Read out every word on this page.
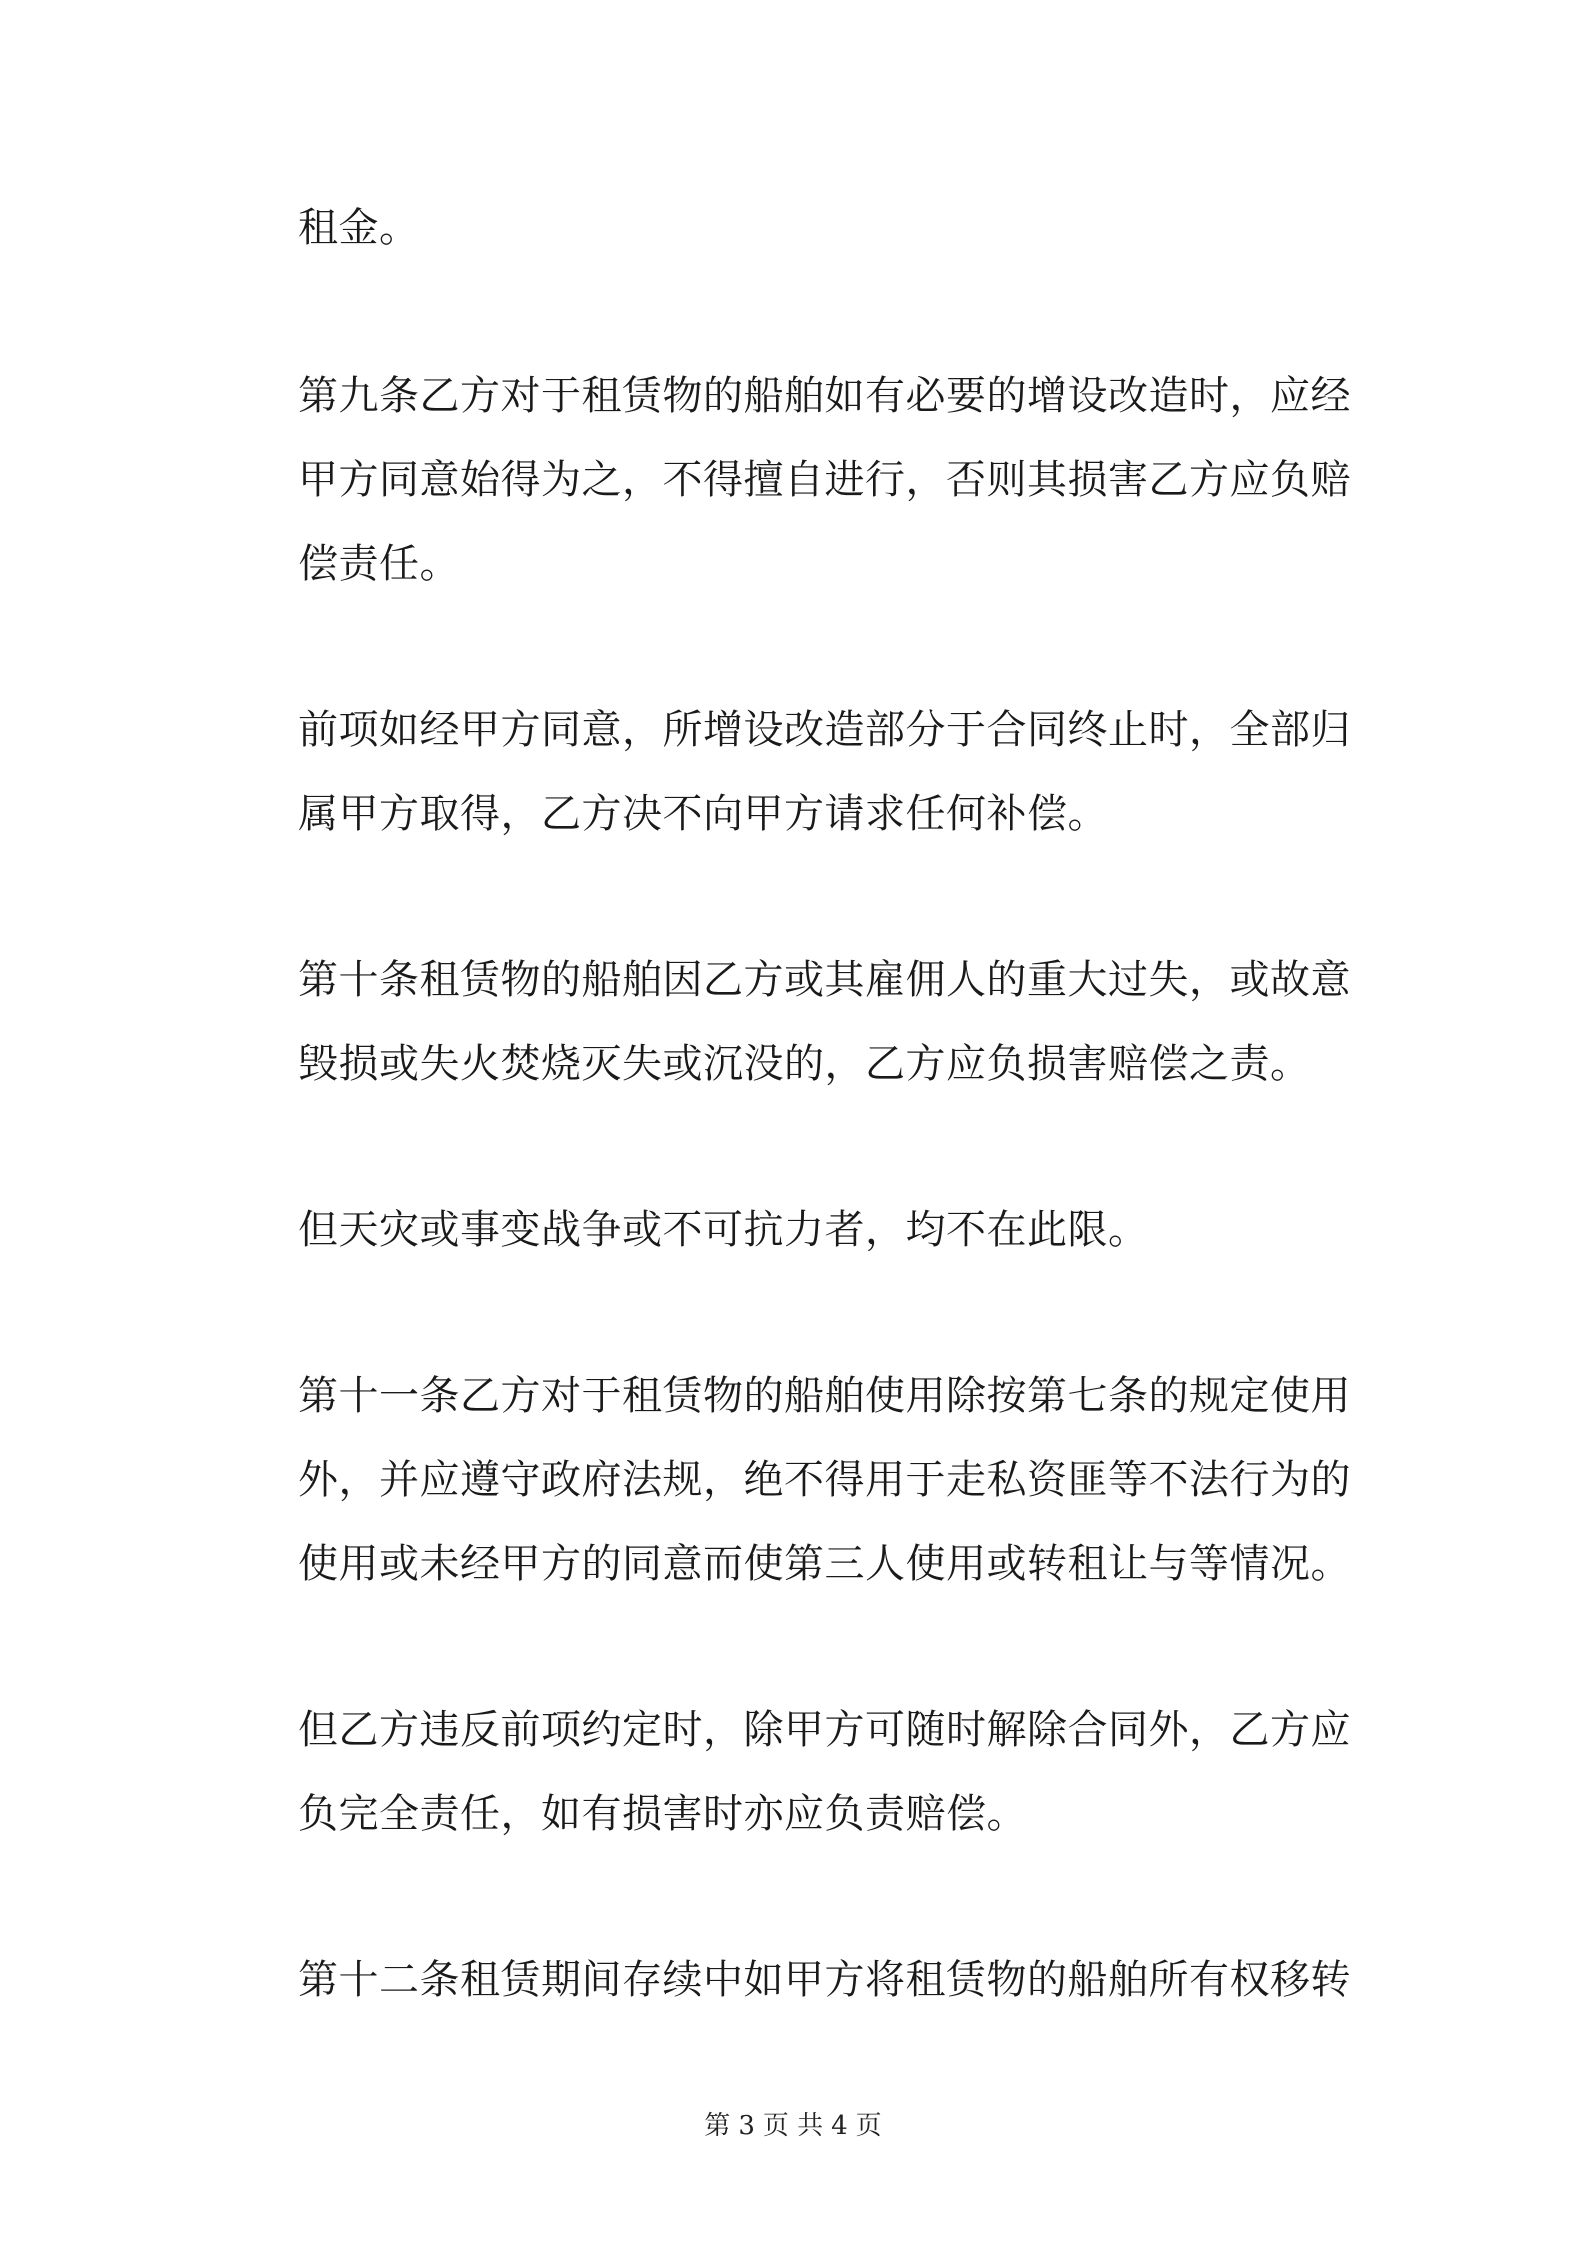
租金。
第九条乙方对于租赁物的船舶如有必要的增设改造时，应经
甲方同意始得为之，不得擅自进行，否则其损害乙方应负赔
偿责任。
前项如经甲方同意，所增设改造部分于合同终止时，全部归
属甲方取得，乙方决不向甲方请求任何补偿。
第十条租赁物的船舶因乙方或其雇佣人的重大过失，或故意
毁损或失火焚烧灭失或沉没的，乙方应负损害赔偿之责。
但天灾或事变战争或不可抗力者，均不在此限。
第十一条乙方对于租赁物的船舶使用除按第七条的规定使用
外，并应遵守政府法规，绝不得用于走私资匪等不法行为的
使用或未经甲方的同意而使第三人使用或转租让与等情况。
但乙方违反前项约定时，除甲方可随时解除合同外，乙方应
负完全责任，如有损害时亦应负责赔偿。
第十二条租赁期间存续中如甲方将租赁物的船舶所有权移转
第 3 页 共 4 页
